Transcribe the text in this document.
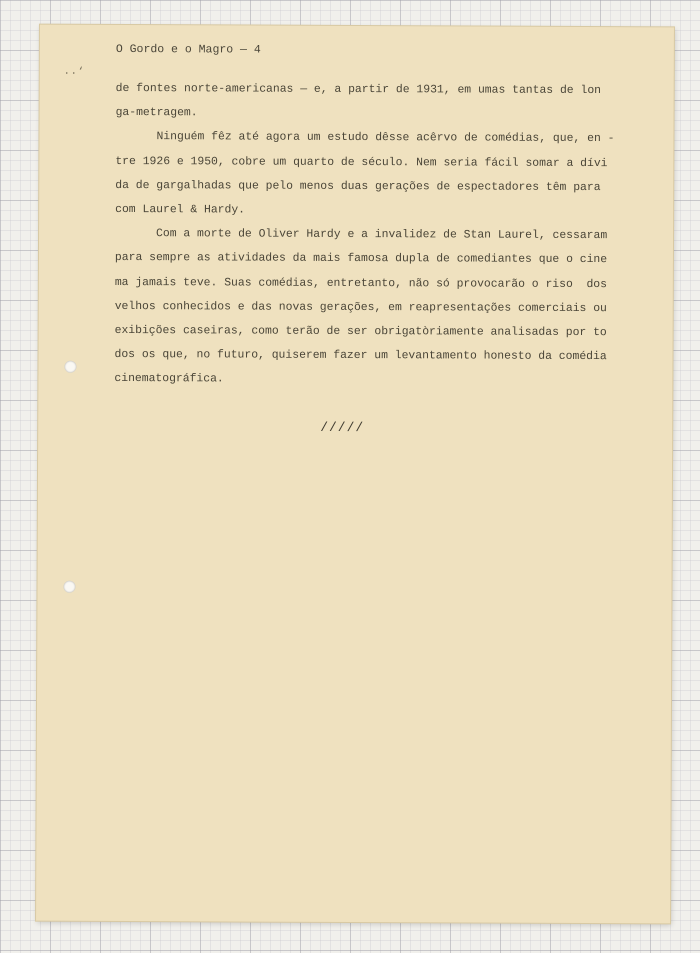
..‘
O Gordo e o Magro — 4
de fontes norte-americanas — e, a partir de 1931, em umas tantas de lon
ga-metragem.
Ninguém fêz até agora um estudo dêsse acêrvo de comédias, que, en -
tre 1926 e 1950, cobre um quarto de século. Nem seria fácil somar a dívi
da de gargalhadas que pelo menos duas gerações de espectadores têm para
com Laurel & Hardy.
Com a morte de Oliver Hardy e a invalidez de Stan Laurel, cessaram
para sempre as atividades da mais famosa dupla de comediantes que o cine
ma jamais teve. Suas comédias, entretanto, não só provocarão o riso  dos
velhos conhecidos e das novas gerações, em reapresentações comerciais ou
exibições caseiras, como terão de ser obrigatòriamente analisadas por to
dos os que, no futuro, quiserem fazer um levantamento honesto da comédia
cinematográfica.
/////
